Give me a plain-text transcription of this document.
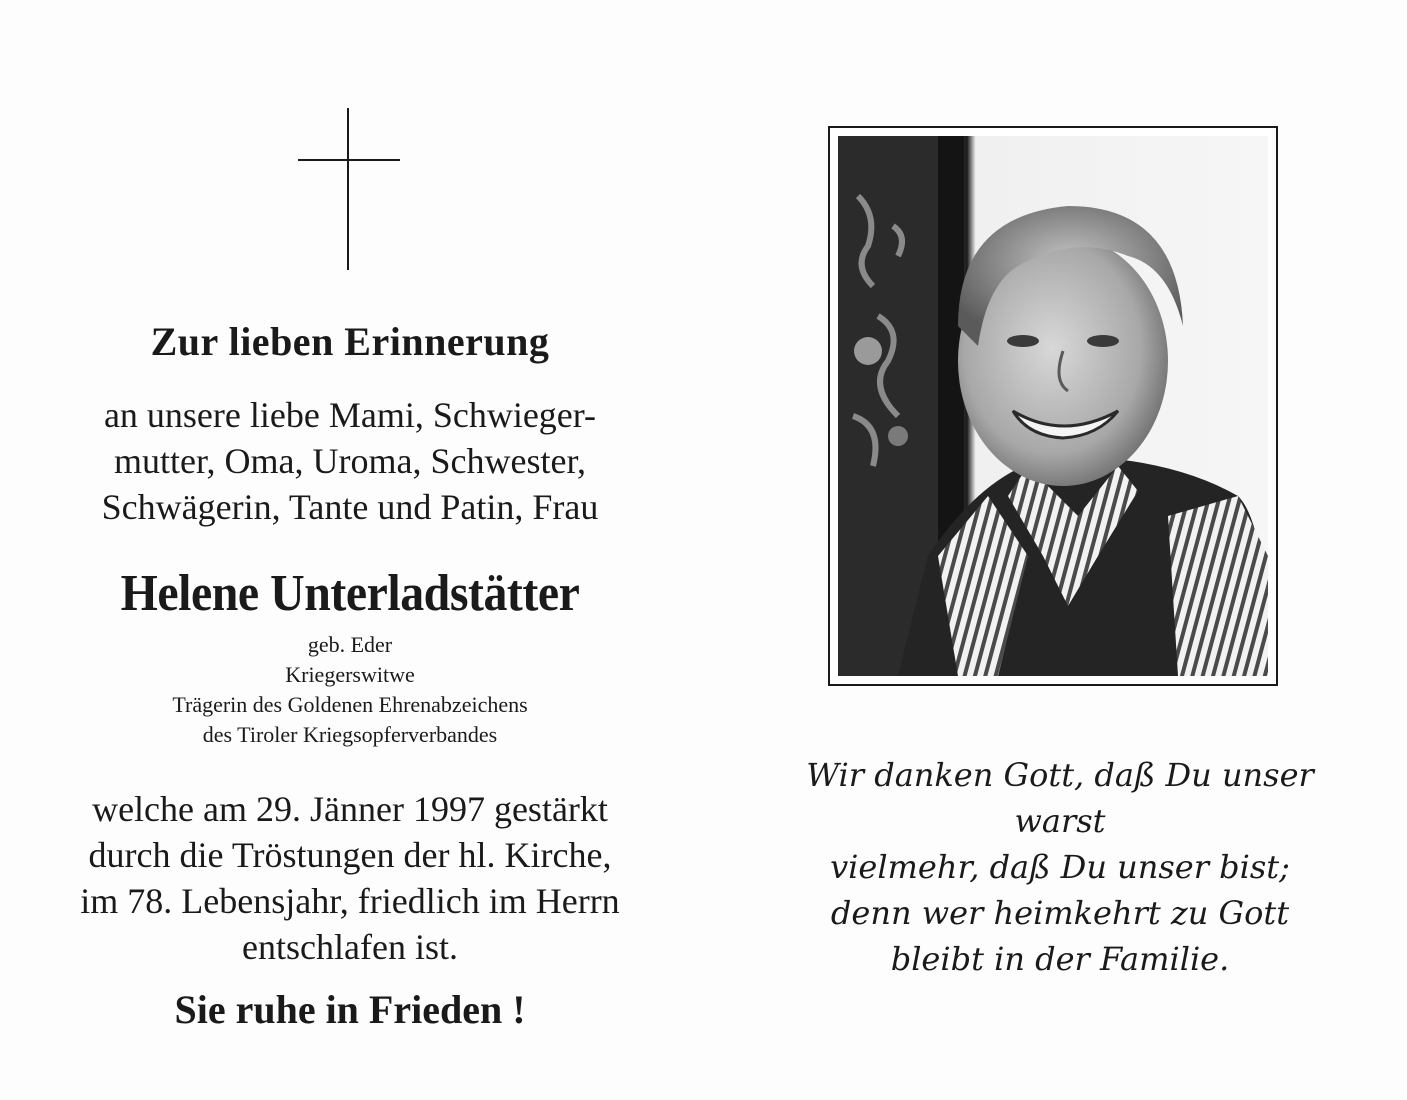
Zur lieben Erinnerung
an unsere liebe Mami, Schwieger-
mutter, Oma, Uroma, Schwester,
Schwägerin, Tante und Patin, Frau
Helene Unterladstätter
geb. Eder
Kriegerswitwe
Trägerin des Goldenen Ehrenabzeichens
des Tiroler Kriegsopferverbandes
welche am 29. Jänner 1997 gestärkt
durch die Tröstungen der hl. Kirche,
im 78. Lebensjahr, friedlich im Herrn
entschlafen ist.
Sie ruhe in Frieden !
Wir danken Gott, daß Du unser warst
vielmehr, daß Du unser bist;
denn wer heimkehrt zu Gott
bleibt in der Familie.
